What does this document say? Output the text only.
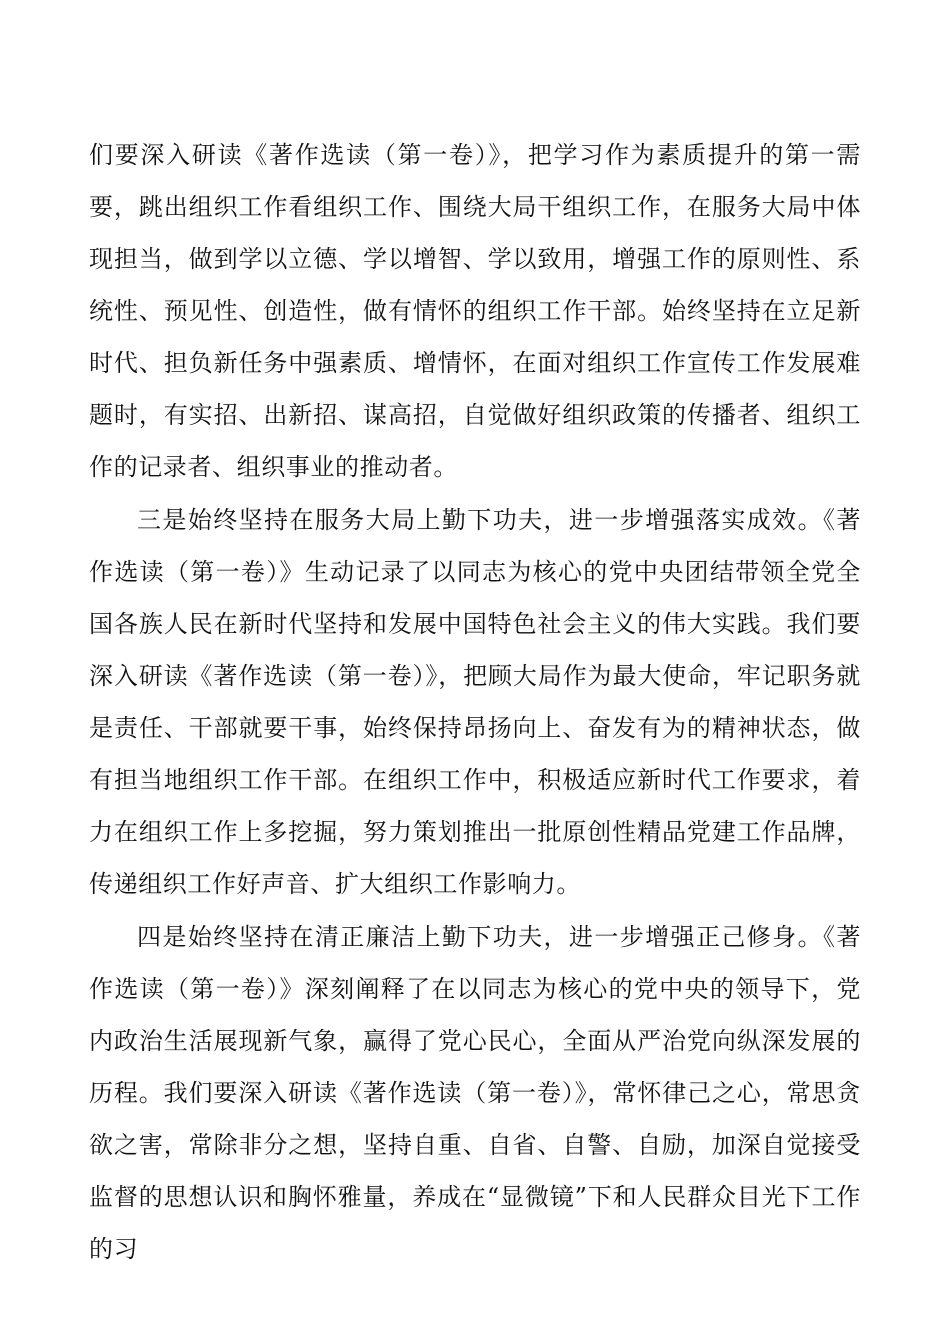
们要深入研读《著作选读（第一卷）》，把学习作为素质提升的第一需要，跳出组织工作看组织工作、围绕大局干组织工作，在服务大局中体现担当，做到学以立德、学以增智、学以致用，增强工作的原则性、系统性、预见性、创造性，做有情怀的组织工作干部。始终坚持在立足新时代、担负新任务中强素质、增情怀，在面对组织工作宣传工作发展难题时，有实招、出新招、谋高招，自觉做好组织政策的传播者、组织工作的记录者、组织事业的推动者。

三是始终坚持在服务大局上勤下功夫，进一步增强落实成效。《著作选读（第一卷）》生动记录了以同志为核心的党中央团结带领全党全国各族人民在新时代坚持和发展中国特色社会主义的伟大实践。我们要深入研读《著作选读（第一卷）》，把顾大局作为最大使命，牢记职务就是责任、干部就要干事，始终保持昂扬向上、奋发有为的精神状态，做有担当地组织工作干部。在组织工作中，积极适应新时代工作要求，着力在组织工作上多挖掘，努力策划推出一批原创性精品党建工作品牌，传递组织工作好声音、扩大组织工作影响力。

四是始终坚持在清正廉洁上勤下功夫，进一步增强正己修身。《著作选读（第一卷）》深刻阐释了在以同志为核心的党中央的领导下，党内政治生活展现新气象，赢得了党心民心，全面从严治党向纵深发展的历程。我们要深入研读《著作选读（第一卷）》，常怀律己之心，常思贪欲之害，常除非分之想，坚持自重、自省、自警、自励，加深自觉接受监督的思想认识和胸怀雅量，养成在“显微镜”下和人民群众目光下工作的习
